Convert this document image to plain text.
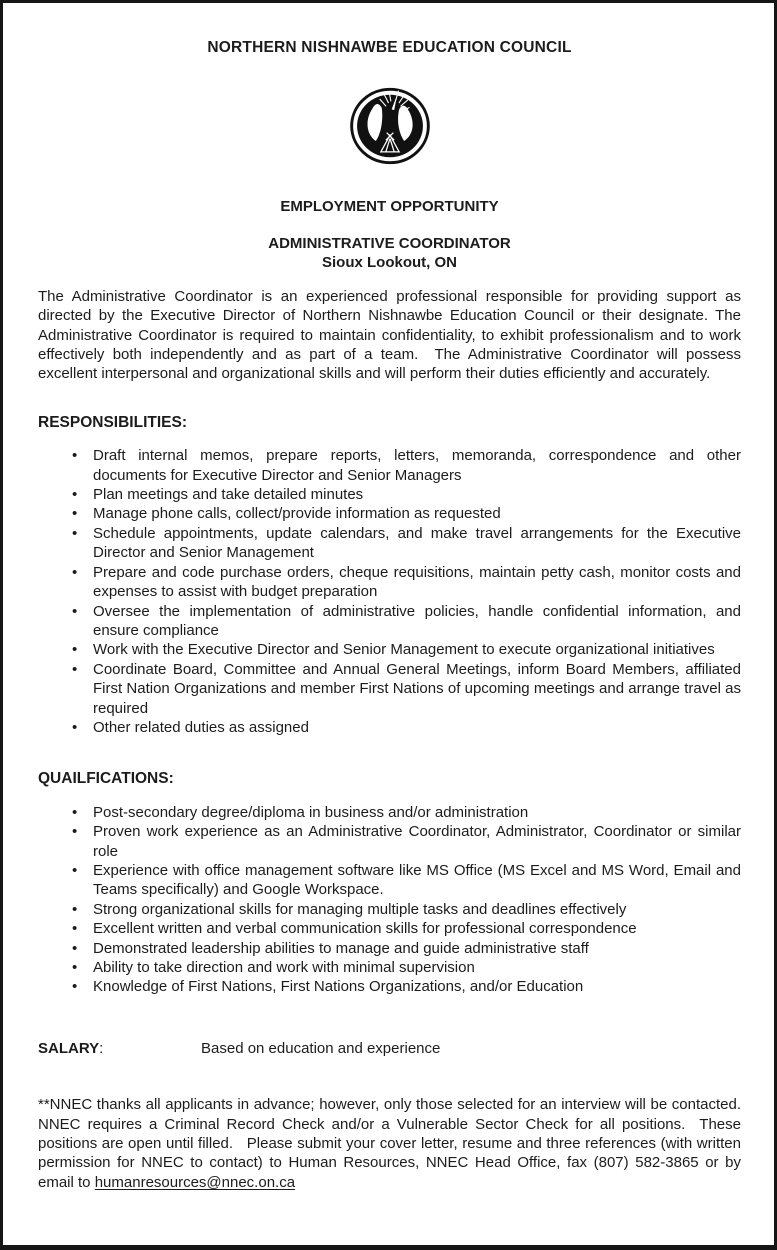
NORTHERN NISHNAWBE EDUCATION COUNCIL
EMPLOYMENT OPPORTUNITY
ADMINISTRATIVE COORDINATOR
Sioux Lookout, ON

The Administrative Coordinator is an experienced professional responsible for providing support as directed by the Executive Director of Northern Nishnawbe Education Council or their designate. The Administrative Coordinator is required to maintain confidentiality, to exhibit professionalism and to work effectively both independently and as part of a team.  The Administrative Coordinator will possess excellent interpersonal and organizational skills and will perform their duties efficiently and accurately.

RESPONSIBILITIES:
• Draft internal memos, prepare reports, letters, memoranda, correspondence and other documents for Executive Director and Senior Managers
• Plan meetings and take detailed minutes
• Manage phone calls, collect/provide information as requested
• Schedule appointments, update calendars, and make travel arrangements for the Executive Director and Senior Management
• Prepare and code purchase orders, cheque requisitions, maintain petty cash, monitor costs and expenses to assist with budget preparation
• Oversee the implementation of administrative policies, handle confidential information, and ensure compliance
• Work with the Executive Director and Senior Management to execute organizational initiatives
• Coordinate Board, Committee and Annual General Meetings, inform Board Members, affiliated First Nation Organizations and member First Nations of upcoming meetings and arrange travel as required
• Other related duties as assigned
QUAILFICATIONS:
• Post-secondary degree/diploma in business and/or administration
• Proven work experience as an Administrative Coordinator, Administrator, Coordinator or similar role
• Experience with office management software like MS Office (MS Excel and MS Word, Email and Teams specifically) and Google Workspace.
• Strong organizational skills for managing multiple tasks and deadlines effectively
• Excellent written and verbal communication skills for professional correspondence
• Demonstrated leadership abilities to manage and guide administrative staff
• Ability to take direction and work with minimal supervision
• Knowledge of First Nations, First Nations Organizations, and/or Education
SALARY:	Based on education and experience

**NNEC thanks all applicants in advance; however, only those selected for an interview will be contacted. NNEC requires a Criminal Record Check and/or a Vulnerable Sector Check for all positions.  These positions are open until filled.   Please submit your cover letter, resume and three references (with written permission for NNEC to contact) to Human Resources, NNEC Head Office, fax (807) 582-3865 or by email to humanresources@nnec.on.ca
